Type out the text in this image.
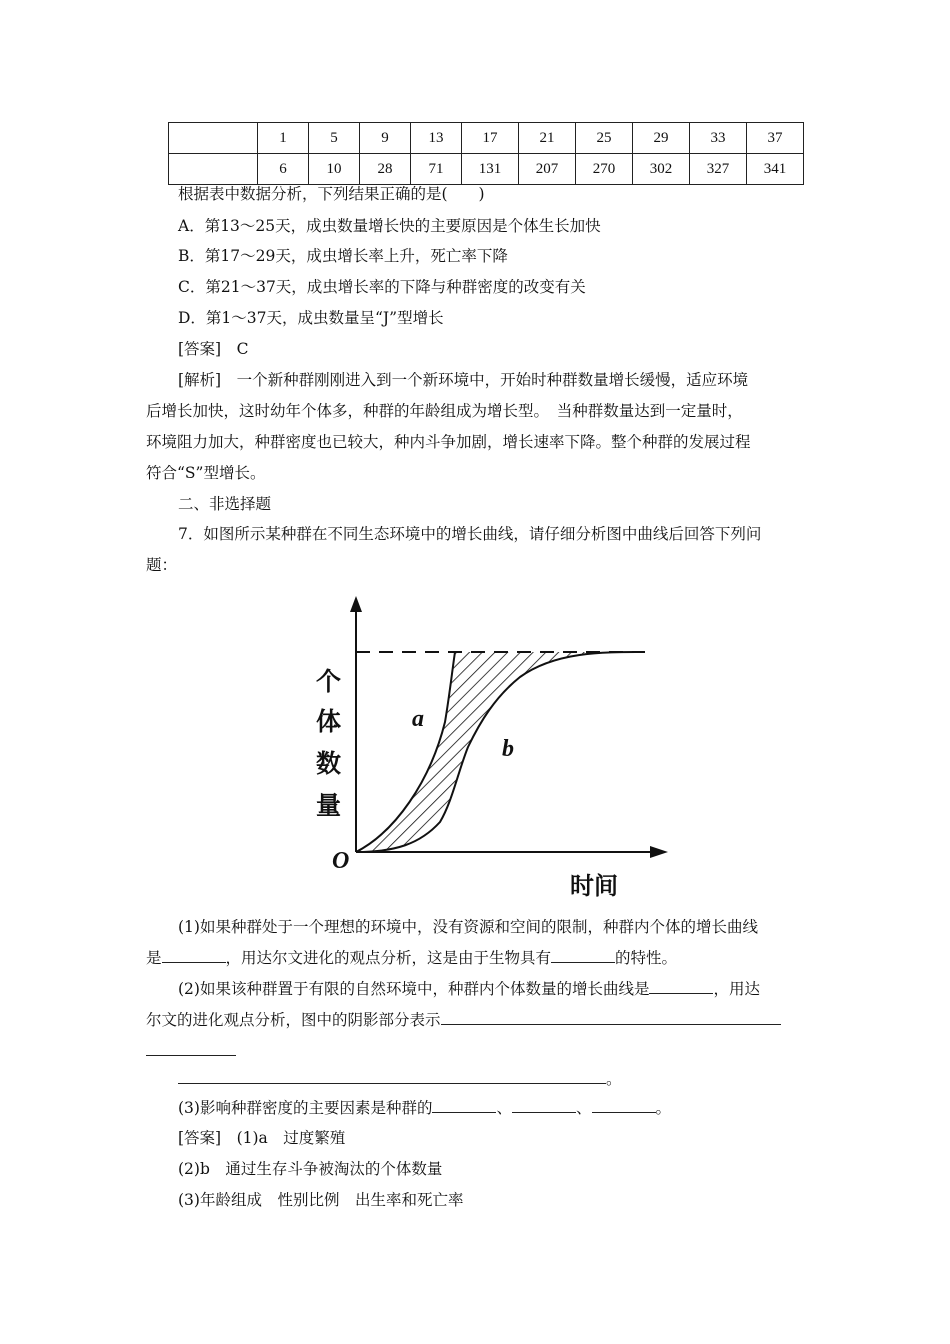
	1	5	9	13	17	21	25	29	33	37
	6	10	28	71	131	207	270	302	327	341
根据表中数据分析，下列结果正确的是(　　)
A．第13～25天，成虫数量增长快的主要原因是个体生长加快
B．第17～29天，成虫增长率上升，死亡率下降
C．第21～37天，成虫增长率的下降与种群密度的改变有关
D．第1～37天，成虫数量呈“J”型增长
[答案]　C
[解析]　一个新种群刚刚进入到一个新环境中，开始时种群数量增长缓慢，适应环境
后增长加快，这时幼年个体多，种群的年龄组成为增长型。　当种群数量达到一定量时，
环境阻力加大，种群密度也已较大，种内斗争加剧，增长速率下降。整个种群的发展过程
符合“S”型增长。
二、非选择题
7．如图所示某种群在不同生态环境中的增长曲线，请仔细分析图中曲线后回答下列问
题：
个
体
数
量
O
a
b
时间
(1)如果种群处于一个理想的环境中，没有资源和空间的限制，种群内个体的增长曲线
是	，用达尔文进化的观点分析，这是由于生物具有	的特性。
(2)如果该种群置于有限的自然环境中，种群内个体数量的增长曲线是	，用达
尔文的进化观点分析，图中的阴影部分表示
。
(3)影响种群密度的主要因素是种群的	、	、	。
[答案]　(1)a　过度繁殖
(2)b　通过生存斗争被淘汰的个体数量
(3)年龄组成　性别比例　出生率和死亡率
